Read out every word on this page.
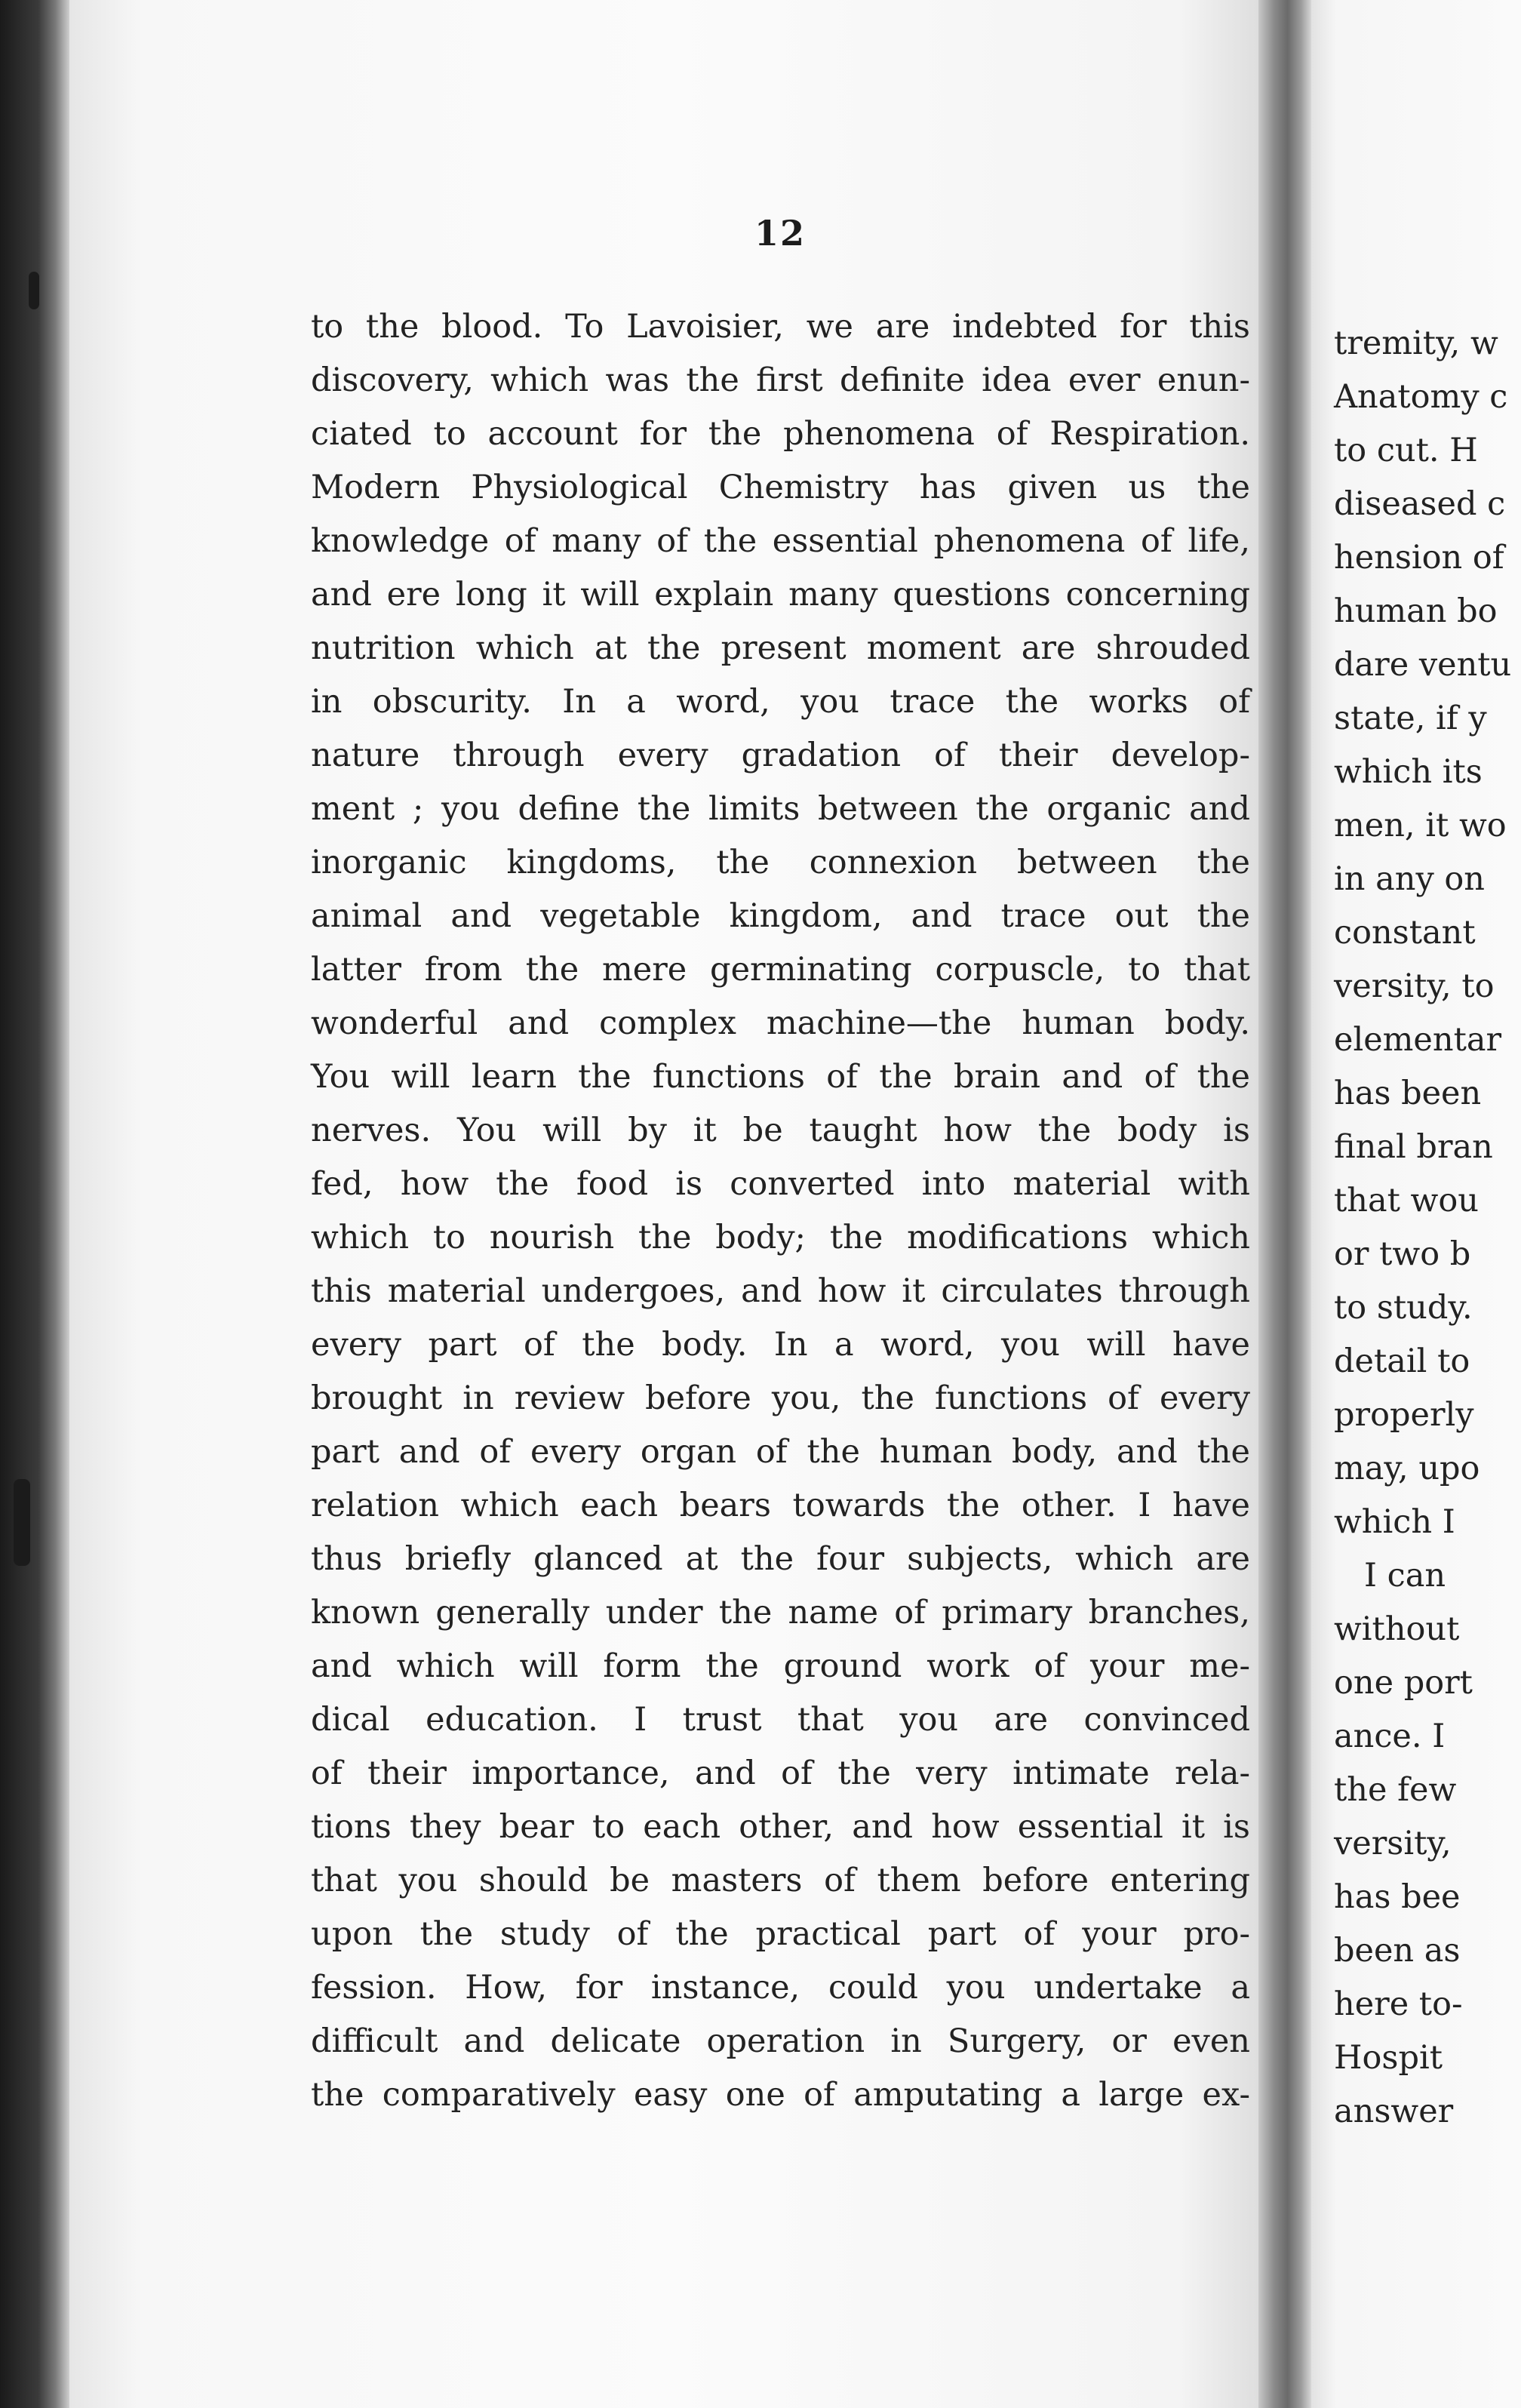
12
to the blood. To Lavoisier, we are indebted for this
discovery, which was the first definite idea ever enun-
ciated to account for the phenomena of Respiration.
Modern Physiological Chemistry has given us the
knowledge of many of the essential phenomena of life,
and ere long it will explain many questions concerning
nutrition which at the present moment are shrouded
in obscurity. In a word, you trace the works of
nature through every gradation of their develop-
ment ; you define the limits between the organic and
inorganic kingdoms, the connexion between the
animal and vegetable kingdom, and trace out the
latter from the mere germinating corpuscle, to that
wonderful and complex machine—the human body.
You will learn the functions of the brain and of the
nerves. You will by it be taught how the body is
fed, how the food is converted into material with
which to nourish the body; the modifications which
this material undergoes, and how it circulates through
every part of the body. In a word, you will have
brought in review before you, the functions of every
part and of every organ of the human body, and the
relation which each bears towards the other. I have
thus briefly glanced at the four subjects, which are
known generally under the name of primary branches,
and which will form the ground work of your me-
dical education. I trust that you are convinced
of their importance, and of the very intimate rela-
tions they bear to each other, and how essential it is
that you should be masters of them before entering
upon the study of the practical part of your pro-
fession. How, for instance, could you undertake a
difficult and delicate operation in Surgery, or even
the comparatively easy one of amputating a large ex-
tremity, w
Anatomy c
to cut. H
diseased c
hension of
human bo
dare ventu
state, if y
which its
men, it wo
in any on
constant
versity, to
elementar
has been
final bran
that wou
or two b
to study.
detail to
properly
may, upo
which I
I can
without
one port
ance. I
the few
versity,
has bee
been as
here to-
Hospit
answer
